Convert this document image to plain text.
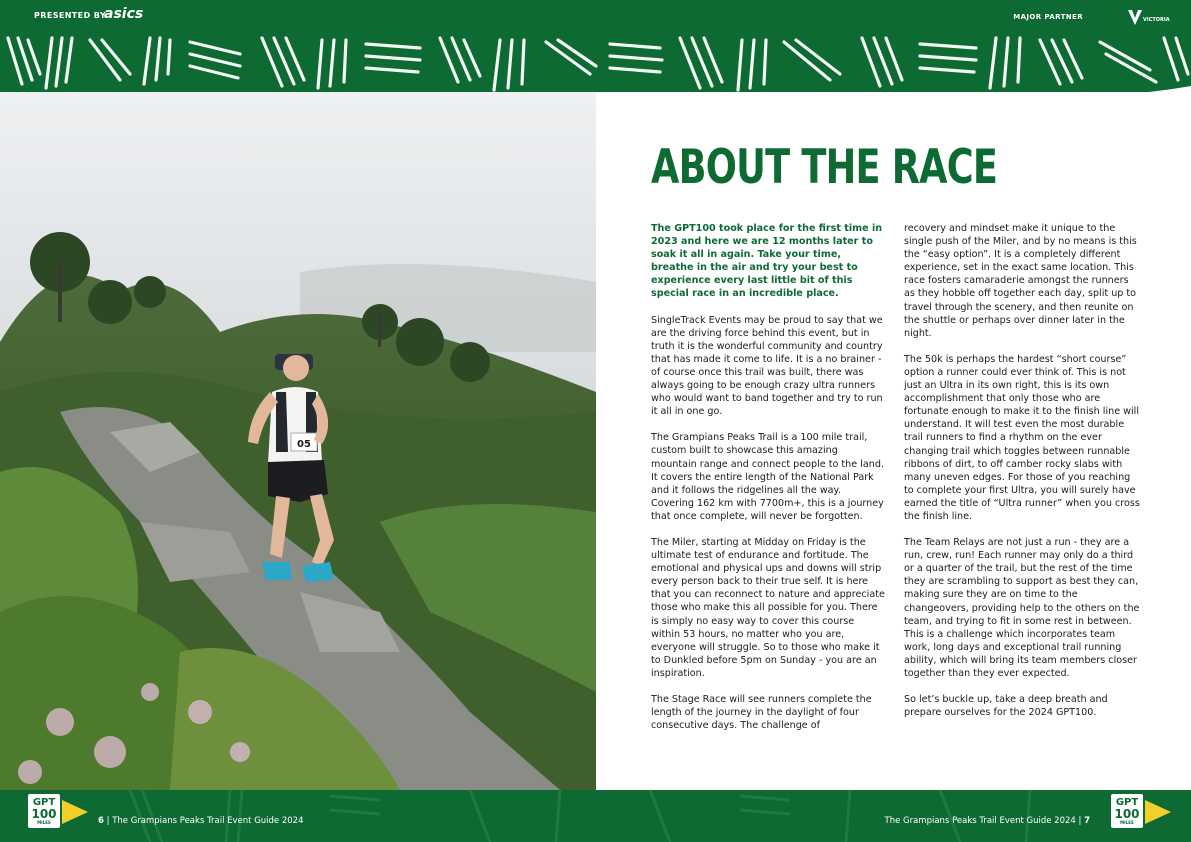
PRESENTED BY
asics	MAJOR PARTNER	VICTORIA
05
ABOUT THE RACE

The GPT100 took place for the first time in 2023 and here we are 12 months later to soak it all in again. Take your time, breathe in the air and try your best to experience every last little bit of this special race in an incredible place.

SingleTrack Events may be proud to say that we are the driving force behind this event, but in truth it is the wonderful community and country that has made it come to life. It is a no brainer - of course once this trail was built, there was always going to be enough crazy ultra runners who would want to band together and try to run it all in one go.

The Grampians Peaks Trail is a 100 mile trail, custom built to showcase this amazing mountain range and connect people to the land. It covers the entire length of the National Park and it follows the ridgelines all the way. Covering 162 km with 7700m+, this is a journey that once complete, will never be forgotten.

The Miler, starting at Midday on Friday is the ultimate test of endurance and fortitude. The emotional and physical ups and downs will strip every person back to their true self. It is here that you can reconnect to nature and appreciate those who make this all possible for you. There is simply no easy way to cover this course within 53 hours, no matter who you are, everyone will struggle. So to those who make it to Dunkled before 5pm on Sunday - you are an inspiration.

The Stage Race will see runners complete the length of the journey in the daylight of four consecutive days. The challenge of

recovery and mindset make it unique to the single push of the Miler, and by no means is this the “easy option”. It is a completely different experience, set in the exact same location. This race fosters camaraderie amongst the runners as they hobble off together each day, split up to travel through the scenery, and then reunite on the shuttle or perhaps over dinner later in the night.

The 50k is perhaps the hardest “short course” option a runner could ever think of. This is not just an Ultra in its own right, this is its own accomplishment that only those who are fortunate enough to make it to the finish line will understand. It will test even the most durable trail runners to find a rhythm on the ever changing trail which toggles between runnable ribbons of dirt, to off camber rocky slabs with many uneven edges. For those of you reaching to complete your first Ultra, you will surely have earned the title of “Ultra runner” when you cross the finish line.

The Team Relays are not just a run - they are a run, crew, run! Each runner may only do a third or a quarter of the trail, but the rest of the time they are scrambling to support as best they can, making sure they are on time to the changeovers, providing help to the others on the team, and trying to fit in some rest in between. This is a challenge which incorporates team work, long days and exceptional trail running ability, which will bring its team members closer together than they ever expected.

So let’s buckle up, take a deep breath and prepare ourselves for the 2024 GPT100.

GPT
100
MILES	6 | The Grampians Peaks Trail Event Guide 2024	The Grampians Peaks Trail Event Guide 2024 | 7
GPT
100
MILES
